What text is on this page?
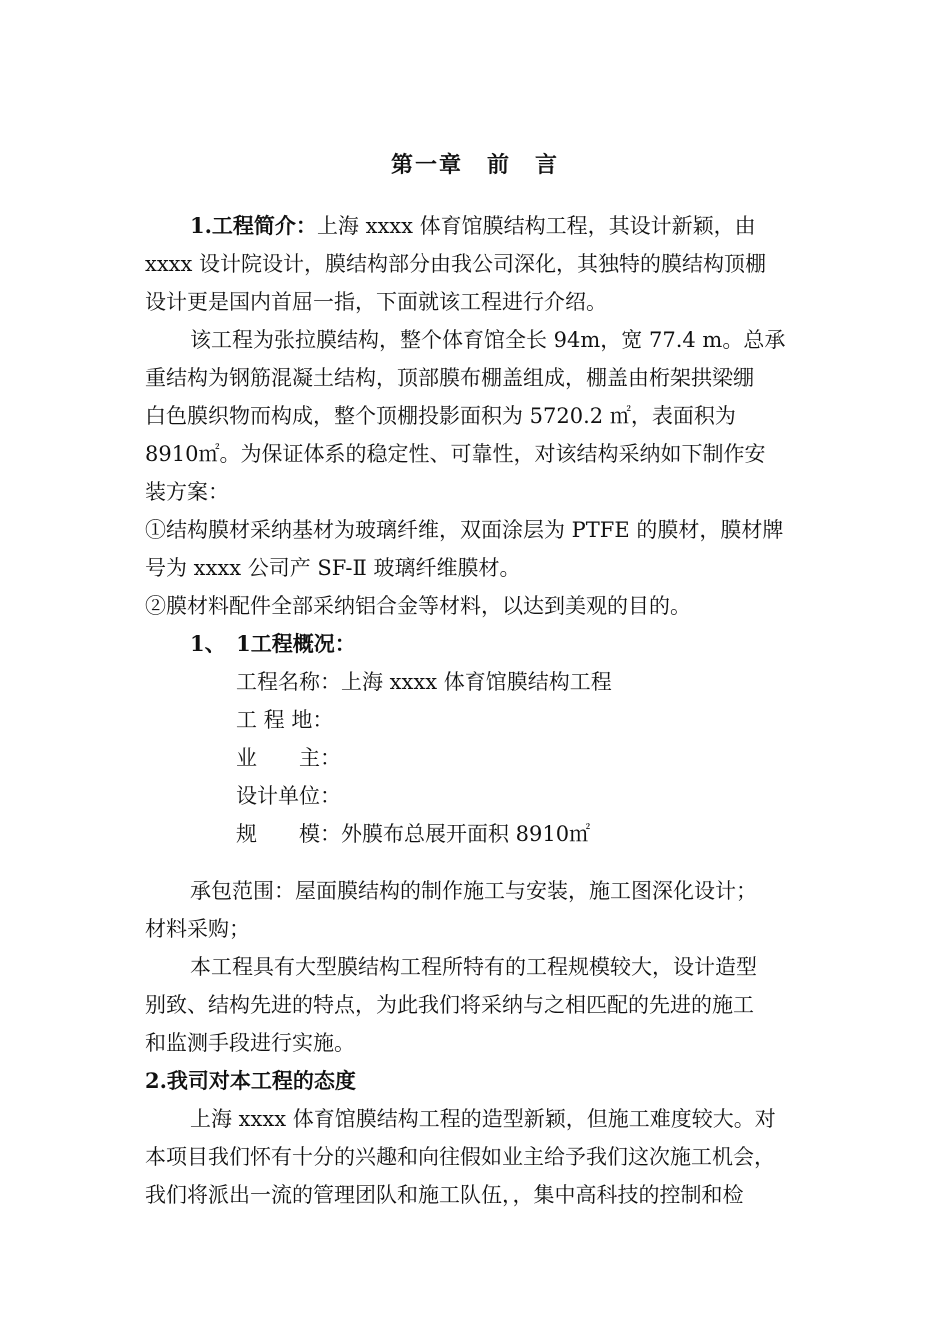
第一章　前　言
1.工程简介：上海 xxxx 体育馆膜结构工程，其设计新颖，由
xxxx 设计院设计，膜结构部分由我公司深化，其独特的膜结构顶棚
设计更是国内首屈一指，下面就该工程进行介绍。
该工程为张拉膜结构，整个体育馆全长 94m，宽 77.4 m。总承
重结构为钢筋混凝土结构，顶部膜布棚盖组成，棚盖由桁架拱梁绷
白色膜织物而构成，整个顶棚投影面积为 5720.2 ㎡，表面积为
8910㎡。为保证体系的稳定性、可靠性，对该结构采纳如下制作安
装方案：
①结构膜材采纳基材为玻璃纤维，双面涂层为 PTFE 的膜材，膜材牌
号为 xxxx 公司产 SF-Ⅱ 玻璃纤维膜材。
②膜材料配件全部采纳铝合金等材料，以达到美观的目的。
1、　1工程概况：
工程名称：上海 xxxx 体育馆膜结构工程
工 程 地：
业　　主：
设计单位：
规　　模：外膜布总展开面积 8910㎡
承包范围：屋面膜结构的制作施工与安装，施工图深化设计；
材料采购；
本工程具有大型膜结构工程所特有的工程规模较大，设计造型
别致、结构先进的特点，为此我们将采纳与之相匹配的先进的施工
和监测手段进行实施。
2.我司对本工程的态度
上海 xxxx 体育馆膜结构工程的造型新颖，但施工难度较大。对
本项目我们怀有十分的兴趣和向往假如业主给予我们这次施工机会，
我们将派出一流的管理团队和施工队伍，，集中高科技的控制和检
